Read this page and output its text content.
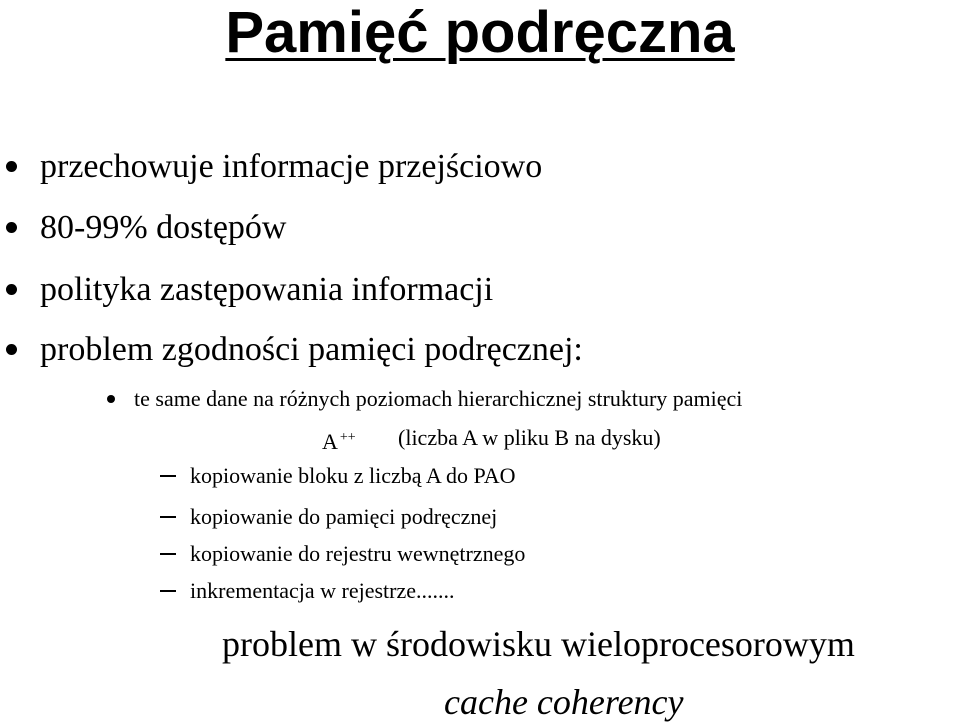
Pamięć podręczna
przechowuje informacje przejściowo
80-99% dostępów
polityka zastępowania informacji
problem zgodności pamięci podręcznej:
te same dane na różnych poziomach hierarchicznej struktury pamięci
A ++ (liczba A w pliku B na dysku)
kopiowanie bloku z liczbą A do PAO
kopiowanie do pamięci podręcznej
kopiowanie do rejestru wewnętrznego
inkrementacja w rejestrze.......
problem w środowisku wieloprocesorowym
cache coherency
